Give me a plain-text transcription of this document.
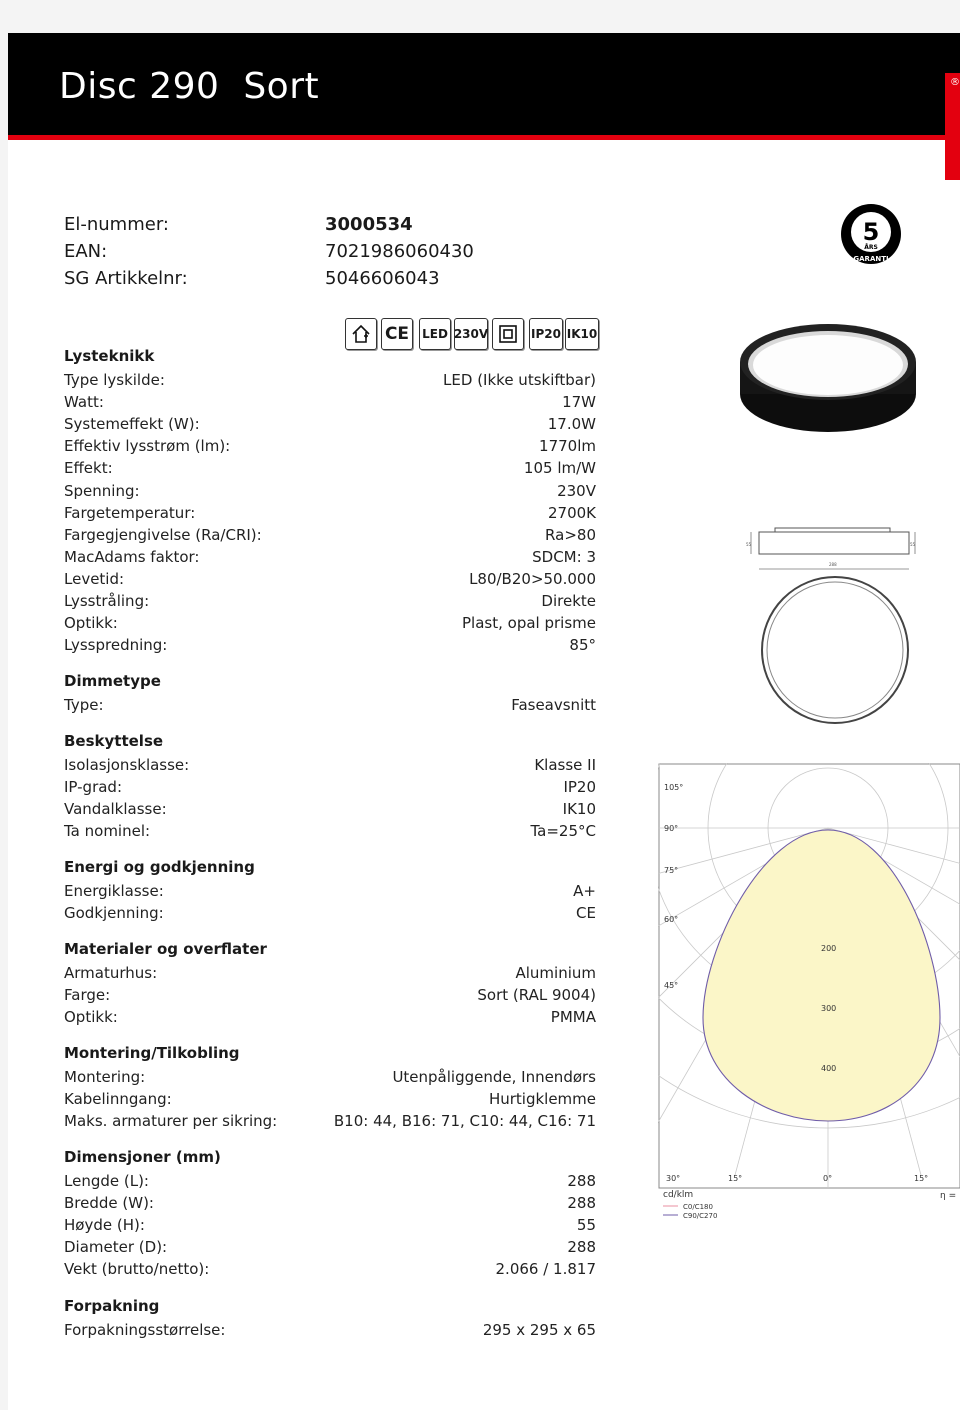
Disc 290  Sort	®
El-nummer:	3000534
EAN:	7021986060430
SG Artikkelnr:	5046606043
5
ÅRS
GARANTI
CE	LED 230V	IP20 IK10
Lysteknikk
Type lyskilde:	LED (Ikke utskiftbar)
Watt:	17W
Systemeffekt (W):	17.0W
Effektiv lysstrøm (lm):	1770lm
Effekt:	105 lm/W
Spenning:	230V
Fargetemperatur:	2700K
Fargegjengivelse (Ra/CRI):	Ra>80
MacAdams faktor:	SDCM: 3
Levetid:	L80/B20>50.000
Lysstråling:	Direkte
Optikk:	Plast, opal prisme
Lysspredning:	85°
Dimmetype
Type:	Faseavsnitt
Beskyttelse
Isolasjonsklasse:	Klasse II
IP-grad:	IP20
Vandalklasse:	IK10
Ta nominel:	Ta=25°C
Energi og godkjenning
Energiklasse:	A+
Godkjenning:	CE
Materialer og overflater
Armaturhus:	Aluminium
Farge:	Sort (RAL 9004)
Optikk:	PMMA
Montering/Tilkobling
Montering:	Utenpåliggende, Innendørs
Kabelinngang:	Hurtigklemme
Maks. armaturer per sikring:	B10: 44, B16: 71, C10: 44, C16: 71
Dimensjoner (mm)
Lengde (L):	288
Bredde (W):	288
Høyde (H):	55
Diameter (D):	288
Vekt (brutto/netto):	2.066 / 1.817
Forpakning
Forpakningsstørrelse:	295 x 295 x 65
55	55
288
105°
90°
75°
60°
45°
30°	15°	0°	15°
200
300
400
cd/klm	η =
C0/C180
C90/C270
